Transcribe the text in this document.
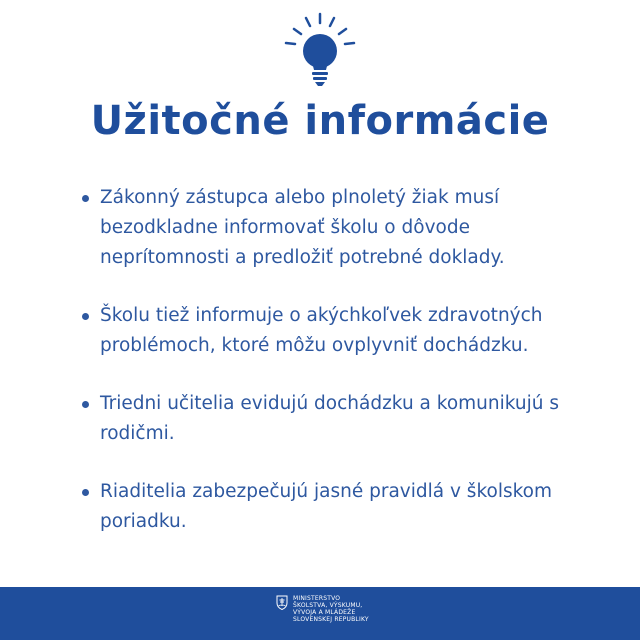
Užitočné informácie
Zákonný zástupca alebo plnoletý žiak musí bezodkladne informovať školu o dôvode neprítomnosti a predložiť potrebné doklady.
Školu tiež informuje o akýchkoľvek zdravotných problémoch, ktoré môžu ovplyvniť dochádzku.
Triedni učitelia evidujú dochádzku a komunikujú s rodičmi.
Riaditelia zabezpečujú jasné pravidlá v školskom poriadku.
MINISTERSTVO
ŠKOLSTVA, VÝSKUMU,
VÝVOJA A MLÁDEŽE
SLOVENSKEJ REPUBLIKY
